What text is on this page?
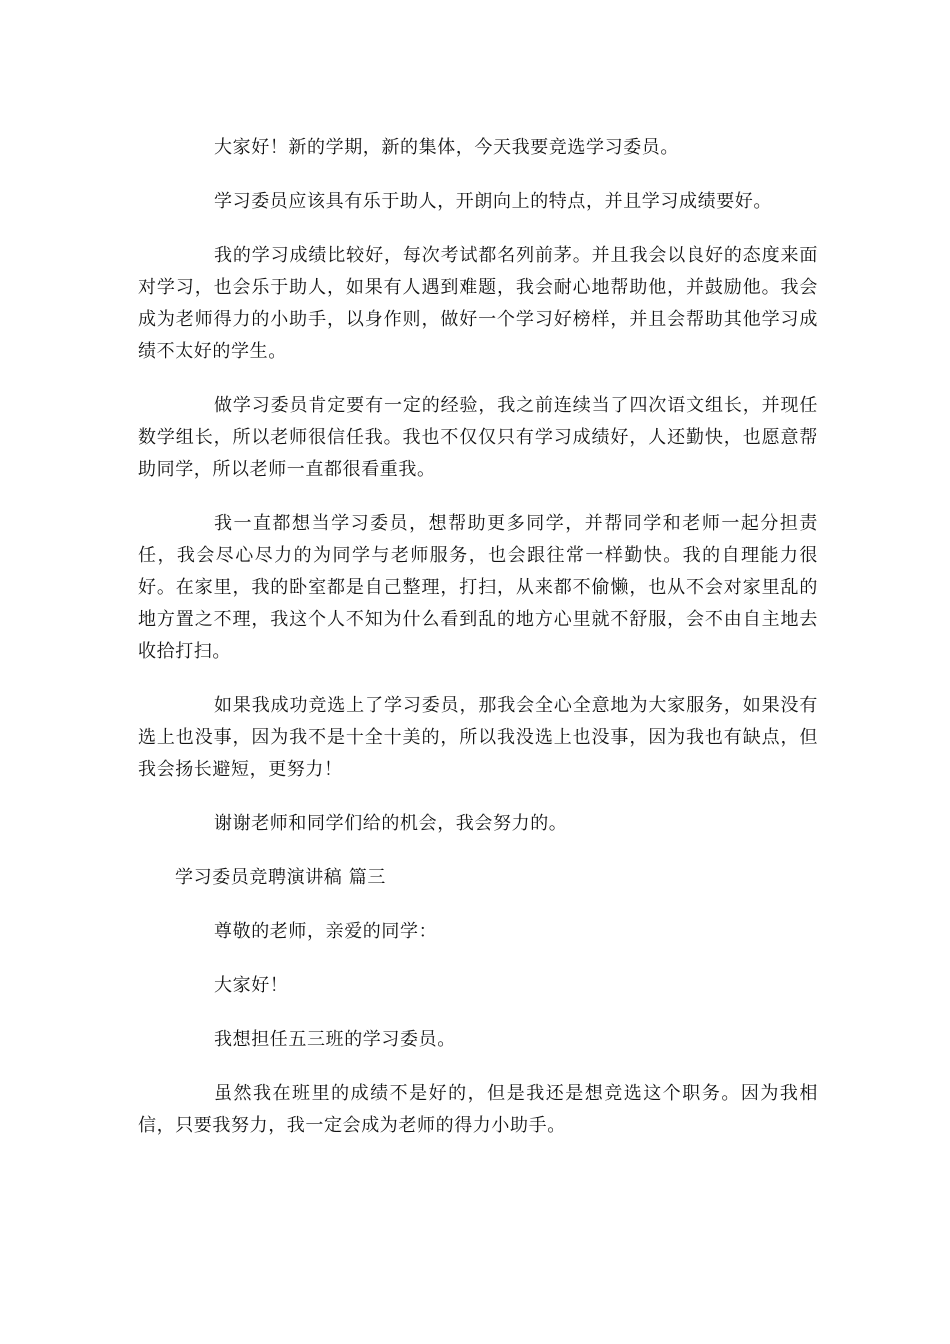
大家好！新的学期，新的集体，今天我要竞选学习委员。

学习委员应该具有乐于助人，开朗向上的特点，并且学习成绩要好。

我的学习成绩比较好，每次考试都名列前茅。并且我会以良好的态度来面对学习，也会乐于助人，如果有人遇到难题，我会耐心地帮助他，并鼓励他。我会成为老师得力的小助手，以身作则，做好一个学习好榜样，并且会帮助其他学习成绩不太好的学生。

做学习委员肯定要有一定的经验，我之前连续当了四次语文组长，并现任数学组长，所以老师很信任我。我也不仅仅只有学习成绩好，人还勤快，也愿意帮助同学，所以老师一直都很看重我。

我一直都想当学习委员，想帮助更多同学，并帮同学和老师一起分担责任，我会尽心尽力的为同学与老师服务，也会跟往常一样勤快。我的自理能力很好。在家里，我的卧室都是自己整理，打扫，从来都不偷懒，也从不会对家里乱的地方置之不理，我这个人不知为什么看到乱的地方心里就不舒服，会不由自主地去收拾打扫。

如果我成功竞选上了学习委员，那我会全心全意地为大家服务，如果没有选上也没事，因为我不是十全十美的，所以我没选上也没事，因为我也有缺点，但我会扬长避短，更努力！

谢谢老师和同学们给的机会，我会努力的。

学习委员竞聘演讲稿 篇三

尊敬的老师，亲爱的同学：

大家好！

我想担任五三班的学习委员。

虽然我在班里的成绩不是好的，但是我还是想竞选这个职务。因为我相信，只要我努力，我一定会成为老师的得力小助手。
